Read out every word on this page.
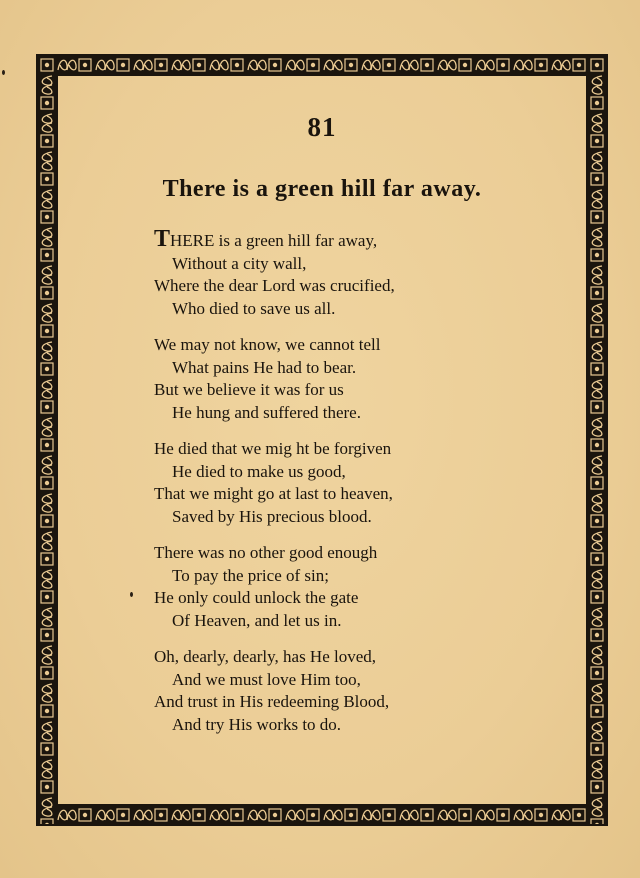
81
There is a green hill far away.
THERE is a green hill far away,
Without a city wall,
Where the dear Lord was crucified,
Who died to save us all.
We may not know, we cannot tell
What pains He had to bear.
But we believe it was for us
He hung and suffered there.
He died that we mig ht be forgiven
He died to make us good,
That we might go at last to heaven,
Saved by His precious blood.
There was no other good enough
To pay the price of sin;
He only could unlock the gate
Of Heaven, and let us in.
Oh, dearly, dearly, has He loved,
And we must love Him too,
And trust in His redeeming Blood,
And try His works to do.
